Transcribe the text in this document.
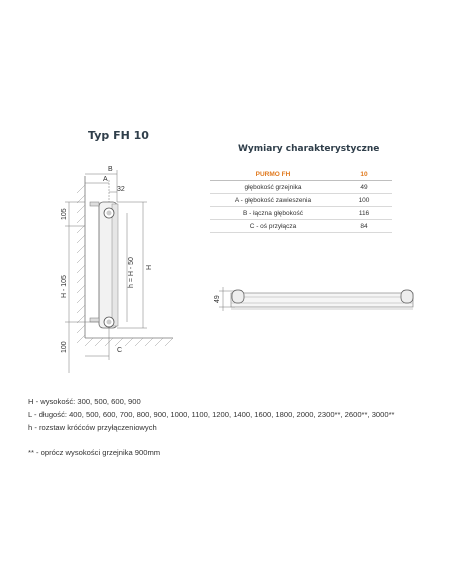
Typ FH 10
B
A
32
105
H - 105
100
h = H - 50 H
C
Wymiary charakterystyczne
PURMO FH	10
głębokość grzejnika	49
A - głębokość zawieszenia	100
B - łączna głębokość	116
C - oś przyłącza	84
49
H - wysokość: 300, 500, 600, 900
L - długość: 400, 500, 600, 700, 800, 900, 1000, 1100, 1200, 1400, 1600, 1800, 2000, 2300**, 2600**, 3000**
h - rozstaw króćców przyłączeniowych
** - oprócz wysokości grzejnika 900mm
